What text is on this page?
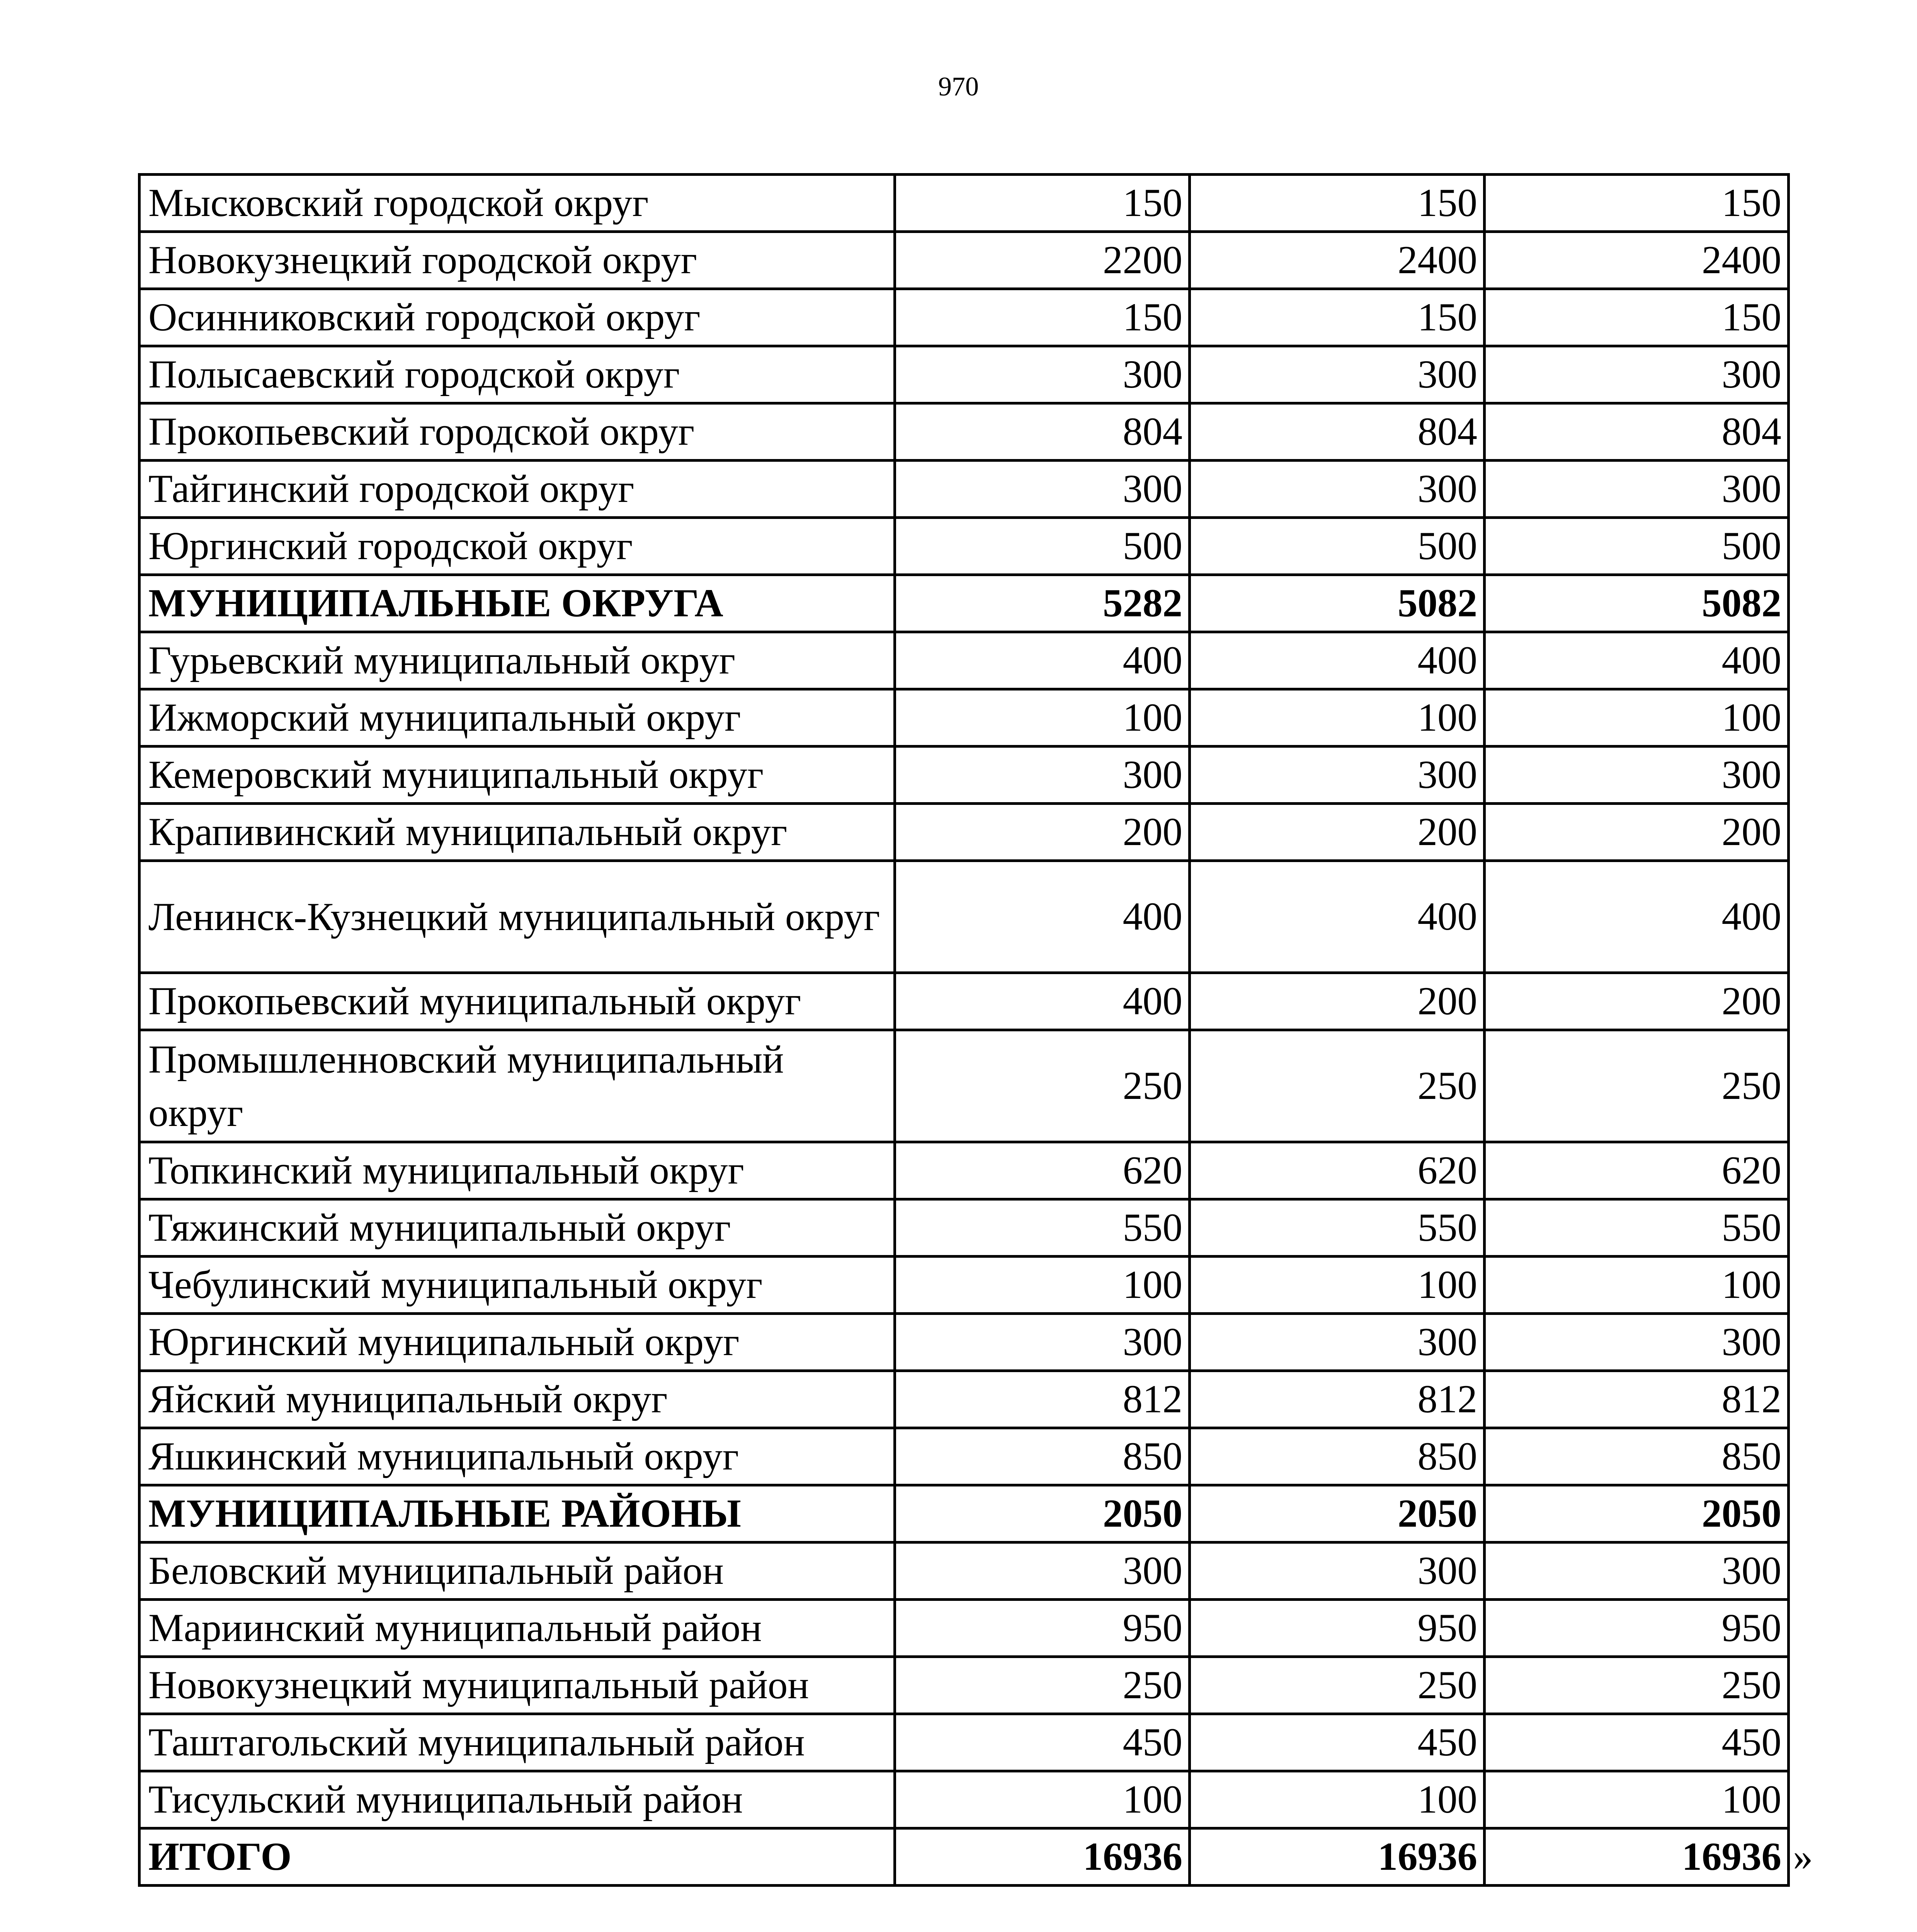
970
Мысковский городской округ	150	150	150
Новокузнецкий городской округ	2200	2400	2400
Осинниковский городской округ	150	150	150
Полысаевский городской округ	300	300	300
Прокопьевский городской округ	804	804	804
Тайгинский городской округ	300	300	300
Юргинский городской округ	500	500	500
МУНИЦИПАЛЬНЫЕ ОКРУГА	5282	5082	5082
Гурьевский муниципальный округ	400	400	400
Ижморский муниципальный округ	100	100	100
Кемеровский муниципальный округ	300	300	300
Крапивинский муниципальный округ	200	200	200
Ленинск-Кузнецкий муниципальный округ	400	400	400
Прокопьевский муниципальный округ	400	200	200
Промышленновский муниципальный округ	250	250	250
Топкинский муниципальный округ	620	620	620
Тяжинский муниципальный округ	550	550	550
Чебулинский муниципальный округ	100	100	100
Юргинский муниципальный округ	300	300	300
Яйский муниципальный округ	812	812	812
Яшкинский муниципальный округ	850	850	850
МУНИЦИПАЛЬНЫЕ РАЙОНЫ	2050	2050	2050
Беловский муниципальный район	300	300	300
Мариинский муниципальный район	950	950	950
Новокузнецкий муниципальный район	250	250	250
Таштагольский муниципальный район	450	450	450
Тисульский муниципальный район	100	100	100
ИТОГО	16936	16936	16936 »
